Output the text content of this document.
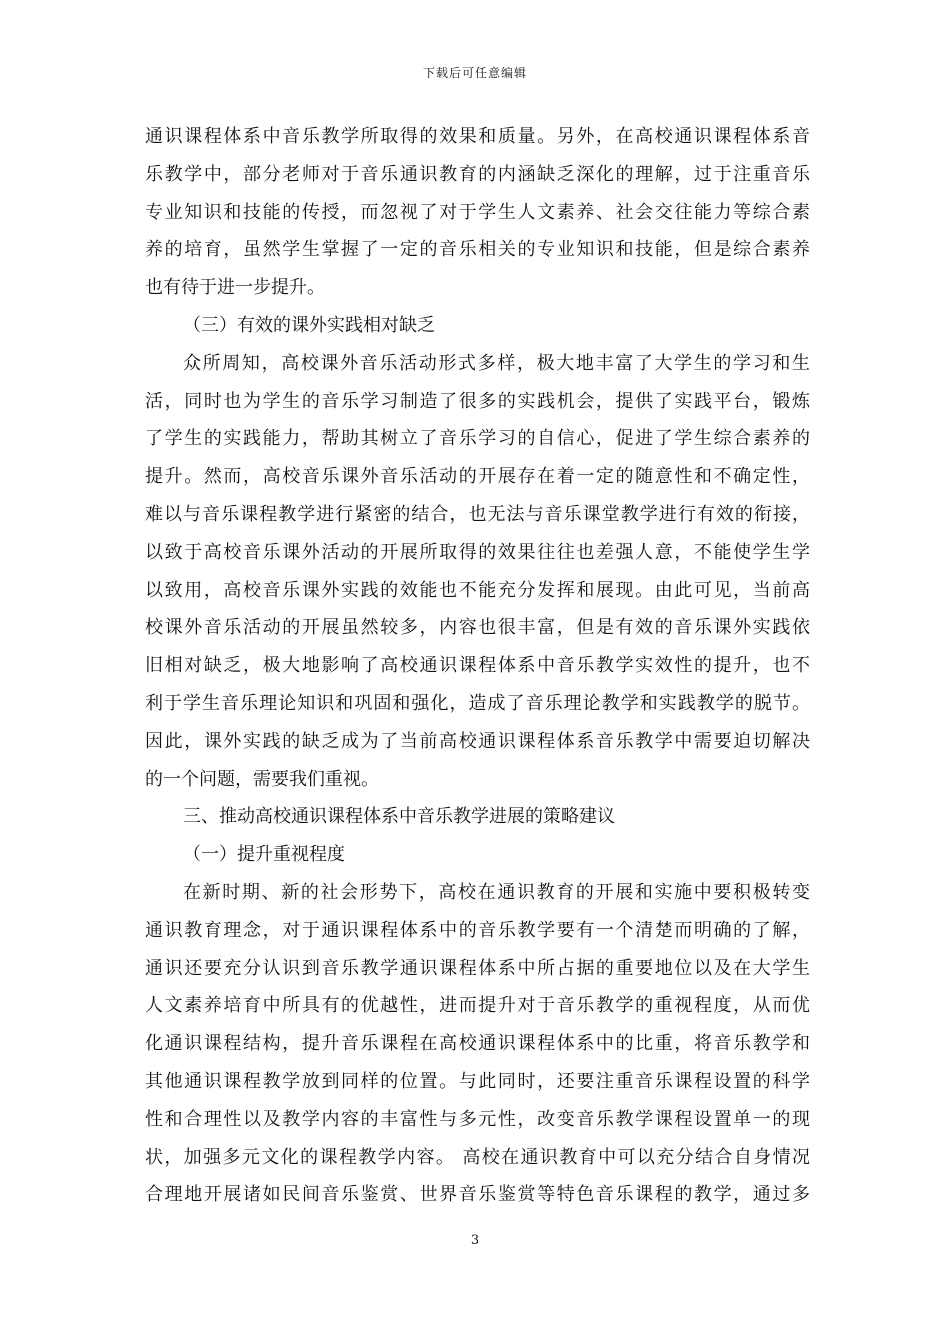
下载后可任意编辑
通识课程体系中音乐教学所取得的效果和质量。另外，在高校通识课程体系音
乐教学中，部分老师对于音乐通识教育的内涵缺乏深化的理解，过于注重音乐
专业知识和技能的传授，而忽视了对于学生人文素养、社会交往能力等综合素
养的培育，虽然学生掌握了一定的音乐相关的专业知识和技能，但是综合素养
也有待于进一步提升。
（三）有效的课外实践相对缺乏
众所周知，高校课外音乐活动形式多样，极大地丰富了大学生的学习和生
活，同时也为学生的音乐学习制造了很多的实践机会，提供了实践平台，锻炼
了学生的实践能力，帮助其树立了音乐学习的自信心，促进了学生综合素养的
提升。然而，高校音乐课外音乐活动的开展存在着一定的随意性和不确定性，
难以与音乐课程教学进行紧密的结合，也无法与音乐课堂教学进行有效的衔接，
以致于高校音乐课外活动的开展所取得的效果往往也差强人意，不能使学生学
以致用，高校音乐课外实践的效能也不能充分发挥和展现。由此可见，当前高
校课外音乐活动的开展虽然较多，内容也很丰富，但是有效的音乐课外实践依
旧相对缺乏，极大地影响了高校通识课程体系中音乐教学实效性的提升，也不
利于学生音乐理论知识和巩固和强化，造成了音乐理论教学和实践教学的脱节。
因此，课外实践的缺乏成为了当前高校通识课程体系音乐教学中需要迫切解决
的一个问题，需要我们重视。
三、推动高校通识课程体系中音乐教学进展的策略建议
（一）提升重视程度
在新时期、新的社会形势下，高校在通识教育的开展和实施中要积极转变
通识教育理念，对于通识课程体系中的音乐教学要有一个清楚而明确的了解，
通识还要充分认识到音乐教学通识课程体系中所占据的重要地位以及在大学生
人文素养培育中所具有的优越性，进而提升对于音乐教学的重视程度，从而优
化通识课程结构，提升音乐课程在高校通识课程体系中的比重，将音乐教学和
其他通识课程教学放到同样的位置。与此同时，还要注重音乐课程设置的科学
性和合理性以及教学内容的丰富性与多元性，改变音乐教学课程设置单一的现
状，加强多元文化的课程教学内容。 高校在通识教育中可以充分结合自身情况
合理地开展诸如民间音乐鉴赏、世界音乐鉴赏等特色音乐课程的教学，通过多
3
